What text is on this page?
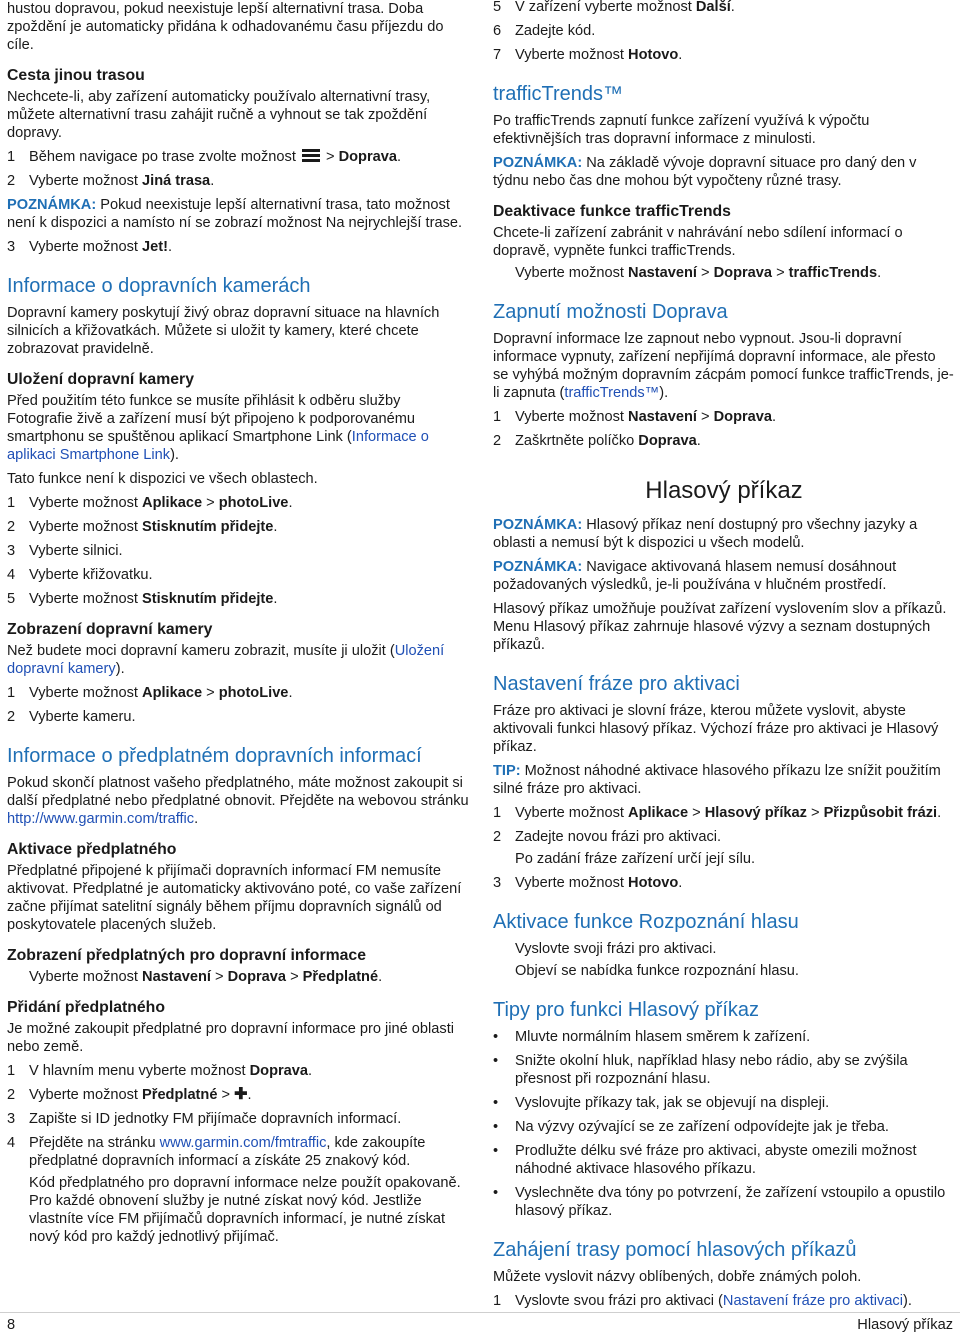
hustou dopravou, pokud neexistuje lepší alternativní trasa. Doba zpoždění je automaticky přidána k odhadovanému času příjezdu do cíle.

Cesta jinou trasou

Nechcete-li, aby zařízení automaticky používalo alternativní trasy, můžete alternativní trasu zahájit ručně a vyhnout se tak zpoždění dopravy.

1 Během navigace po trase zvolte možnost
> Doprava.
2 Vyberte možnost Jiná trasa.

POZNÁMKA: Pokud neexistuje lepší alternativní trasa, tato možnost není k dispozici a namísto ní se zobrazí možnost Na nejrychlejší trase.

3 Vyberte možnost Jet!.
Informace o dopravních kamerách

Dopravní kamery poskytují živý obraz dopravní situace na hlavních silnicích a křižovatkách. Můžete si uložit ty kamery, které chcete zobrazovat pravidelně.

Uložení dopravní kamery

Před použitím této funkce se musíte přihlásit k odběru služby Fotografie živě a zařízení musí být připojeno k podporovanému smartphonu se spuštěnou aplikací Smartphone Link (Informace o aplikaci Smartphone Link).

Tato funkce není k dispozici ve všech oblastech.

1 Vyberte možnost Aplikace > photoLive.
2 Vyberte možnost Stisknutím přidejte.
3 Vyberte silnici.
4 Vyberte křižovatku.
5 Vyberte možnost Stisknutím přidejte.
Zobrazení dopravní kamery

Než budete moci dopravní kameru zobrazit, musíte ji uložit (Uložení dopravní kamery).

1 Vyberte možnost Aplikace > photoLive.
2 Vyberte kameru.
Informace o předplatném dopravních informací

Pokud skončí platnost vašeho předplatného, máte možnost zakoupit si další předplatné nebo předplatné obnovit. Přejděte na webovou stránku http://www.garmin.com/traffic.

Aktivace předplatného

Předplatné připojené k přijímači dopravních informací FM nemusíte aktivovat. Předplatné je automaticky aktivováno poté, co vaše zařízení začne přijímat satelitní signály během příjmu dopravních signálů od poskytovatele placených služeb.

Zobrazení předplatných pro dopravní informace

Vyberte možnost Nastavení > Doprava > Předplatné.

Přidání předplatného

Je možné zakoupit předplatné pro dopravní informace pro jiné oblasti nebo země.

1 V hlavním menu vyberte možnost Doprava.
2 Vyberte možnost Předplatné > ✚.
3 Zapište si ID jednotky FM přijímače dopravních informací.
4 Přejděte na stránku www.garmin.com/fmtraffic, kde zakoupíte předplatné dopravních informací a získáte 25 znakový kód.

Kód předplatného pro dopravní informace nelze použít opakovaně. Pro každé obnovení služby je nutné získat nový kód. Jestliže vlastníte více FM přijímačů dopravních informací, je nutné získat nový kód pro každý jednotlivý přijímač.

5 V zařízení vyberte možnost Další.
6 Zadejte kód.
7 Vyberte možnost Hotovo.
trafficTrends™

Po trafficTrends zapnutí funkce zařízení využívá k výpočtu efektivnějších tras dopravní informace z minulosti.

POZNÁMKA: Na základě vývoje dopravní situace pro daný den v týdnu nebo čas dne mohou být vypočteny různé trasy.

Deaktivace funkce trafficTrends

Chcete-li zařízení zabránit v nahrávání nebo sdílení informací o dopravě, vypněte funkci trafficTrends.

Vyberte možnost Nastavení > Doprava > trafficTrends.

Zapnutí možnosti Doprava

Dopravní informace lze zapnout nebo vypnout. Jsou-li dopravní informace vypnuty, zařízení nepřijímá dopravní informace, ale přesto se vyhýbá možným dopravním zácpám pomocí funkce trafficTrends, je-li zapnuta (trafficTrends™).

1 Vyberte možnost Nastavení > Doprava.
2 Zaškrtněte políčko Doprava.
Hlasový příkaz

POZNÁMKA: Hlasový příkaz není dostupný pro všechny jazyky a oblasti a nemusí být k dispozici u všech modelů.

POZNÁMKA: Navigace aktivovaná hlasem nemusí dosáhnout požadovaných výsledků, je-li používána v hlučném prostředí.

Hlasový příkaz umožňuje používat zařízení vyslovením slov a příkazů. Menu Hlasový příkaz zahrnuje hlasové výzvy a seznam dostupných příkazů.

Nastavení fráze pro aktivaci

Fráze pro aktivaci je slovní fráze, kterou můžete vyslovit, abyste aktivovali funkci hlasový příkaz. Výchozí fráze pro aktivaci je Hlasový příkaz.

TIP: Možnost náhodné aktivace hlasového příkazu lze snížit použitím silné fráze pro aktivaci.

1 Vyberte možnost Aplikace > Hlasový příkaz > Přizpůsobit frázi.
2 Zadejte novou frázi pro aktivaci.

Po zadání fráze zařízení určí její sílu.

3 Vyberte možnost Hotovo.
Aktivace funkce Rozpoznání hlasu

Vyslovte svoji frázi pro aktivaci.

Objeví se nabídka funkce rozpoznání hlasu.

Tipy pro funkci Hlasový příkaz
• Mluvte normálním hlasem směrem k zařízení.
• Snižte okolní hluk, například hlasy nebo rádio, aby se zvýšila přesnost při rozpoznání hlasu.
• Vyslovujte příkazy tak, jak se objevují na displeji.
• Na výzvy ozývající se ze zařízení odpovídejte jak je třeba.
• Prodlužte délku své fráze pro aktivaci, abyste omezili možnost náhodné aktivace hlasového příkazu.
• Vyslechněte dva tóny po potvrzení, že zařízení vstoupilo a opustilo hlasový příkaz.
Zahájení trasy pomocí hlasových příkazů

Můžete vyslovit názvy oblíbených, dobře známých poloh.

1 Vyslovte svou frázi pro aktivaci (Nastavení fráze pro aktivaci).
8	Hlasový příkaz
